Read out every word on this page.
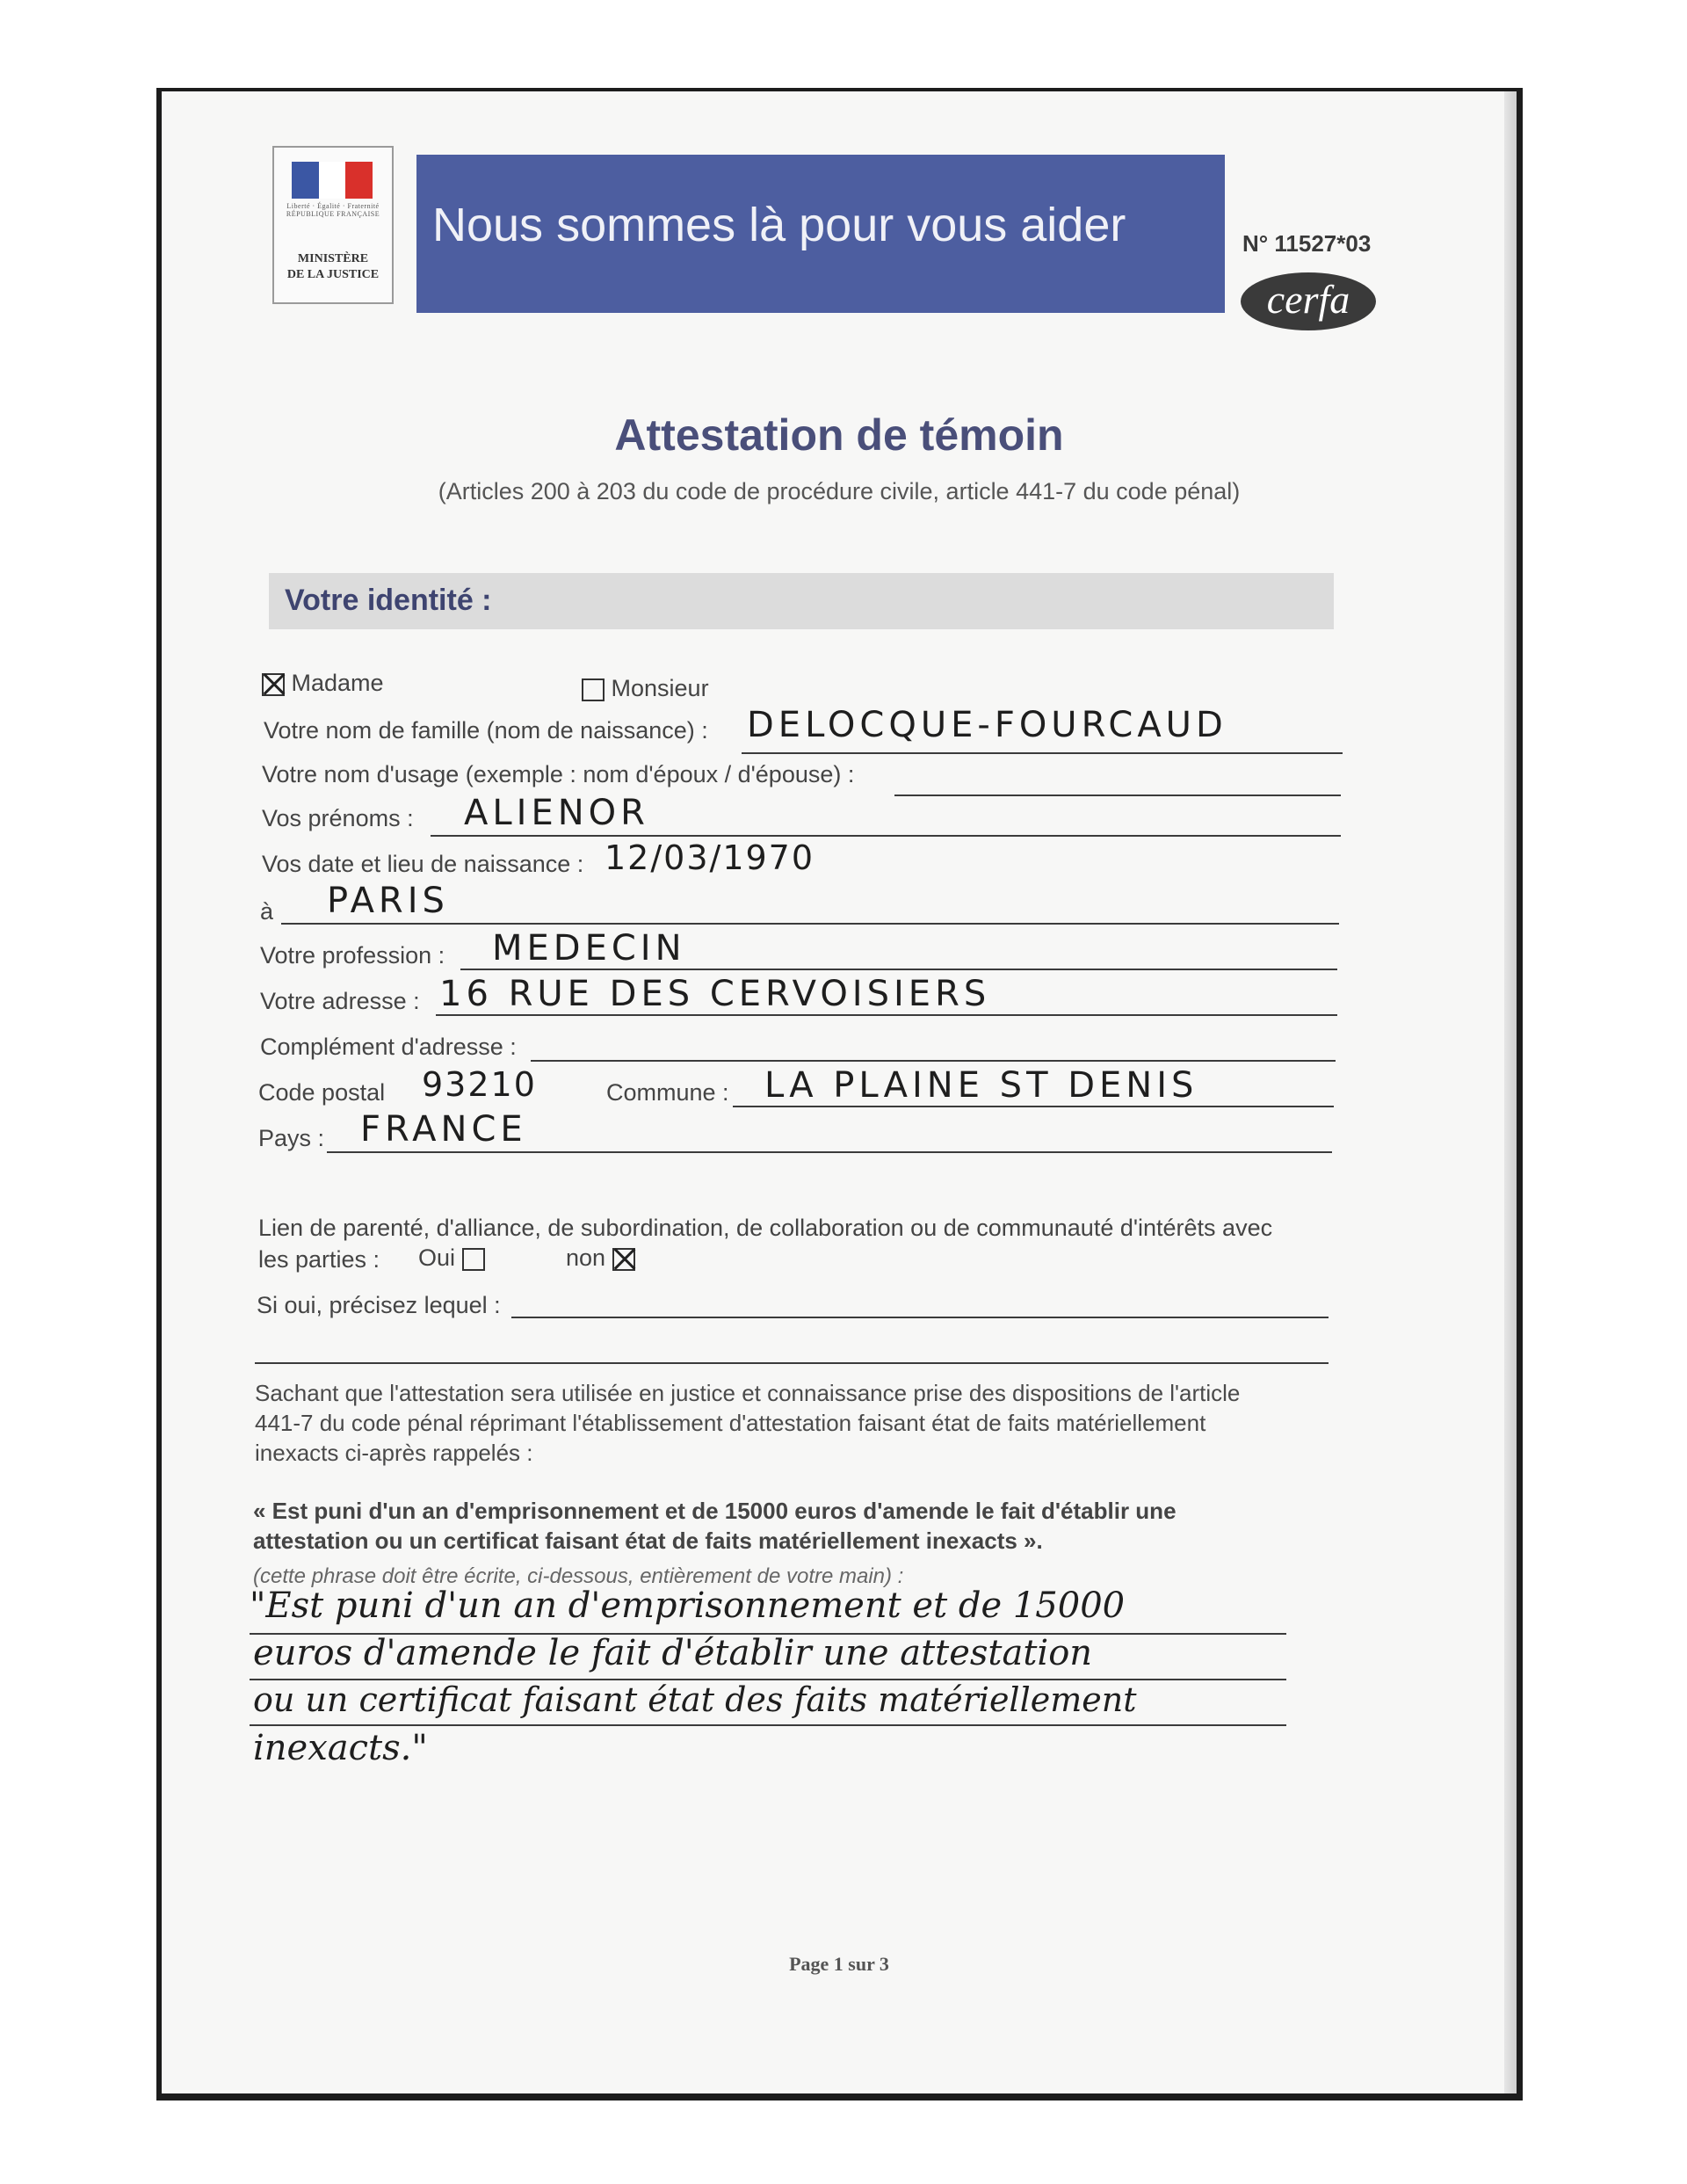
Liberté · Égalité · Fraternité
RÉPUBLIQUE FRANÇAISE
MINISTÈRE
DE LA JUSTICE
Nous sommes là pour vous aider	N° 11527*03
cerfa
Attestation de témoin
(Articles 200 à 203 du code de procédure civile, article 441-7 du code pénal)
Votre identité :
Madame	Monsieur
Votre nom de famille (nom de naissance) : DELOCQUE-FOURCAUD
Votre nom d'usage (exemple : nom d'époux / d'épouse) :
Vos prénoms : ALIENOR
Vos date et lieu de naissance : 12/03/1970
à PARIS
Votre profession : MEDECIN
Votre adresse : 16 RUE DES CERVOISIERS
Complément d'adresse :
Code postal 93210	Commune : LA PLAINE ST DENIS
Pays : FRANCE
Lien de parenté, d'alliance, de subordination, de collaboration ou de communauté d'intérêts avec
les parties : Oui	non
Si oui, précisez lequel :
Sachant que l'attestation sera utilisée en justice et connaissance prise des dispositions de l'article
441-7 du code pénal réprimant l'établissement d'attestation faisant état de faits matériellement
inexacts ci-après rappelés :
« Est puni d'un an d'emprisonnement et de 15000 euros d'amende le fait d'établir une
attestation ou un certificat faisant état de faits matériellement inexacts ».
(cette phrase doit être écrite, ci-dessous, entièrement de votre main) :
"Est puni d'un an d'emprisonnement et de 15000
euros d'amende le fait d'établir une attestation
ou un certificat faisant état des faits matériellement
inexacts."
Page 1 sur 3
